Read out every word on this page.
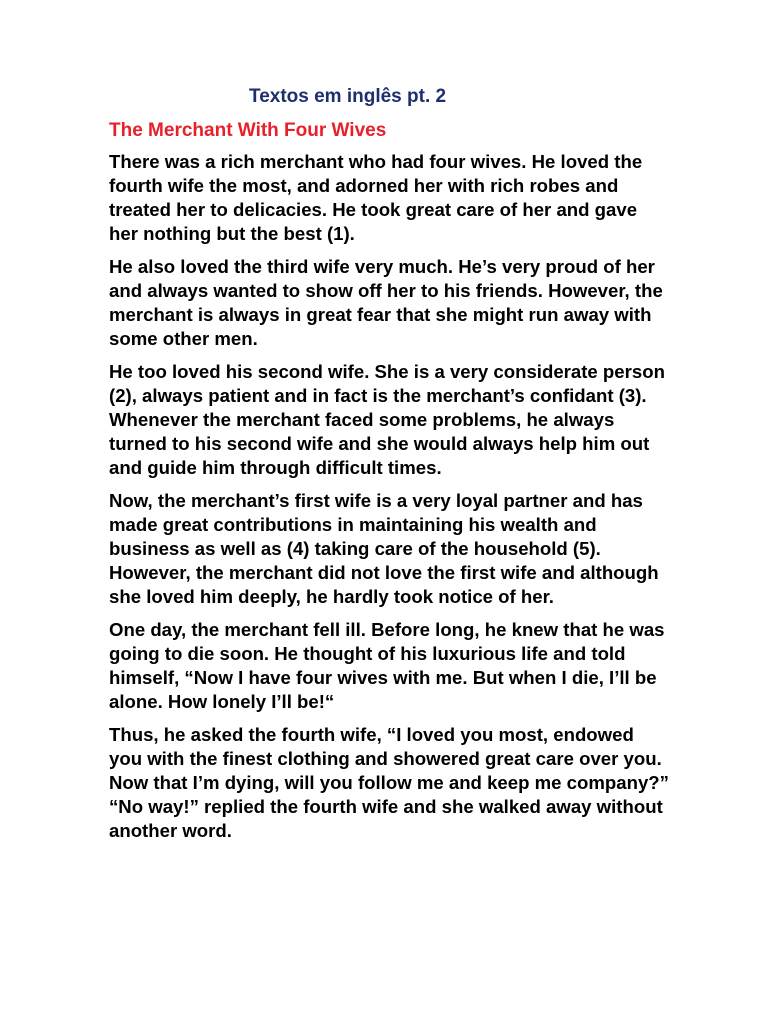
Textos em inglês pt. 2
The Merchant With Four Wives

There was a rich merchant who had four wives. He loved the fourth wife the most, and adorned her with rich robes and treated her to delicacies. He took great care of her and gave her nothing but the best (1).

He also loved the third wife very much. He’s very proud of her and always wanted to show off her to his friends. However, the merchant is always in great fear that she might run away with some other men.

He too loved his second wife. She is a very considerate person (2), always patient and in fact is the merchant’s confidant (3). Whenever the merchant faced some problems, he always turned to his second wife and she would always help him out and guide him through difficult times.

Now, the merchant’s first wife is a very loyal partner and has made great contributions in maintaining his wealth and business as well as (4) taking care of the household (5). However, the merchant did not love the first wife and although she loved him deeply, he hardly took notice of her.

One day, the merchant fell ill. Before long, he knew that he was going to die soon. He thought of his luxurious life and told himself, “Now I have four wives with me. But when I die, I’ll be alone. How lonely I’ll be!“

Thus, he asked the fourth wife, “I loved you most, endowed you with the finest clothing and showered great care over you. Now that I’m dying, will you follow me and keep me company?” “No way!” replied the fourth wife and she walked away without another word.
